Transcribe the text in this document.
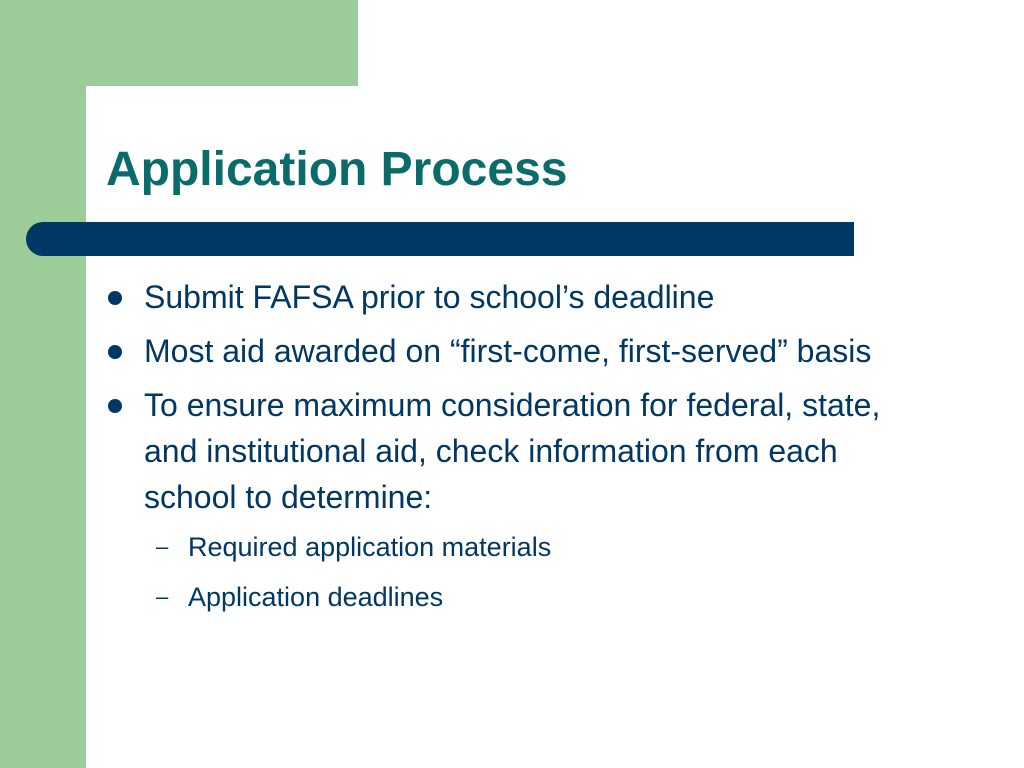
Application Process
Submit FAFSA prior to school’s deadline
Most aid awarded on “first-come, first-served” basis
To ensure maximum consideration for federal, state, and institutional aid, check information from each school to determine:
– Required application materials
– Application deadlines
